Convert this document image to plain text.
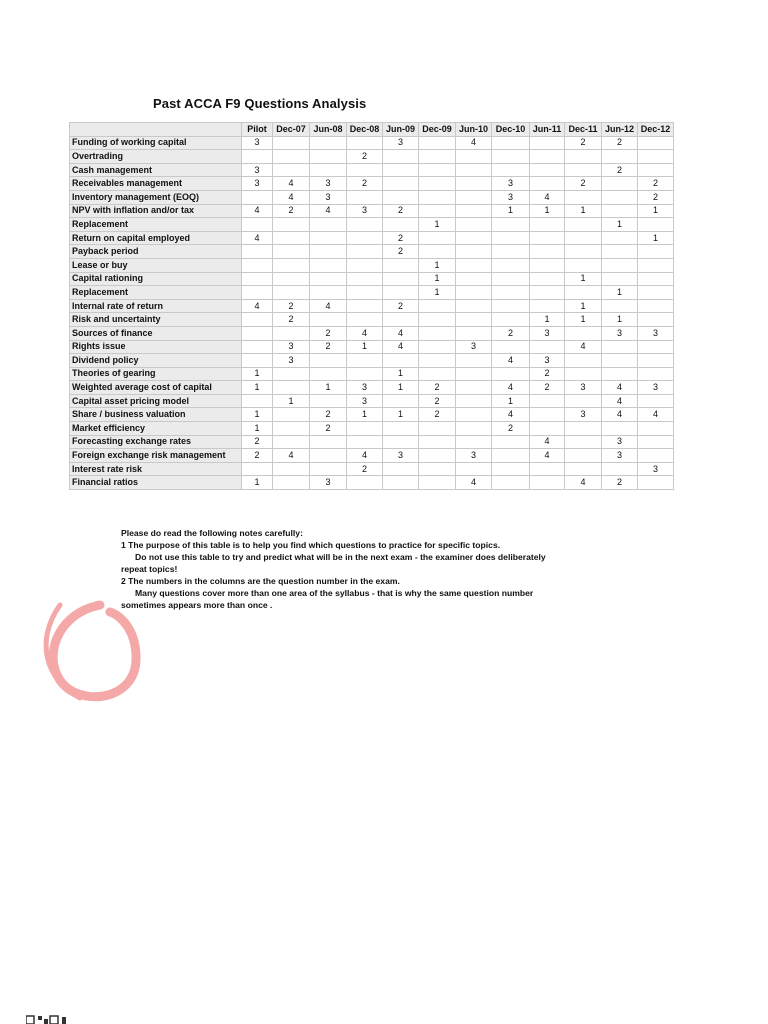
Past ACCA F9 Questions Analysis
	Pilot	Dec-07	Jun-08	Dec-08	Jun-09	Dec-09	Jun-10	Dec-10	Jun-11	Dec-11	Jun-12	Dec-12
Funding of working capital	3				3		4			2	2	
Overtrading				2								
Cash management	3										2	
Receivables management	3	4	3	2				3		2		2
Inventory management (EOQ)		4	3					3	4			2
NPV with inflation and/or tax	4	2	4	3	2			1	1	1		1
Replacement						1					1	
Return on capital employed	4				2							1
Payback period					2							
Lease or buy						1						
Capital rationing						1				1		
Replacement						1					1	
Internal rate of return	4	2	4		2					1		
Risk and uncertainty		2							1	1	1	
Sources of finance			2	4	4			2	3		3	3
Rights issue		3	2	1	4		3			4		
Dividend policy		3						4	3			
Theories of gearing	1				1				2			
Weighted average cost of capital	1		1	3	1	2		4	2	3	4	3
Capital asset pricing model		1		3		2		1			4	
Share / business valuation	1		2	1	1	2		4		3	4	4
Market efficiency	1		2					2				
Forecasting exchange rates	2								4		3	
Foreign exchange risk management	2	4		4	3		3		4		3	
Interest rate risk				2								3
Financial ratios	1		3				4			4	2	
Please do read the following notes carefully:
1 The purpose of this table is to help you find which questions to practice for specific topics.
Do not use this table to try and predict what will be in the next exam - the examiner does deliberately
repeat topics!
2 The numbers in the columns are the question number in the exam.
Many questions cover more than one area of the syllabus - that is why the same question number
sometimes appears more than once .
